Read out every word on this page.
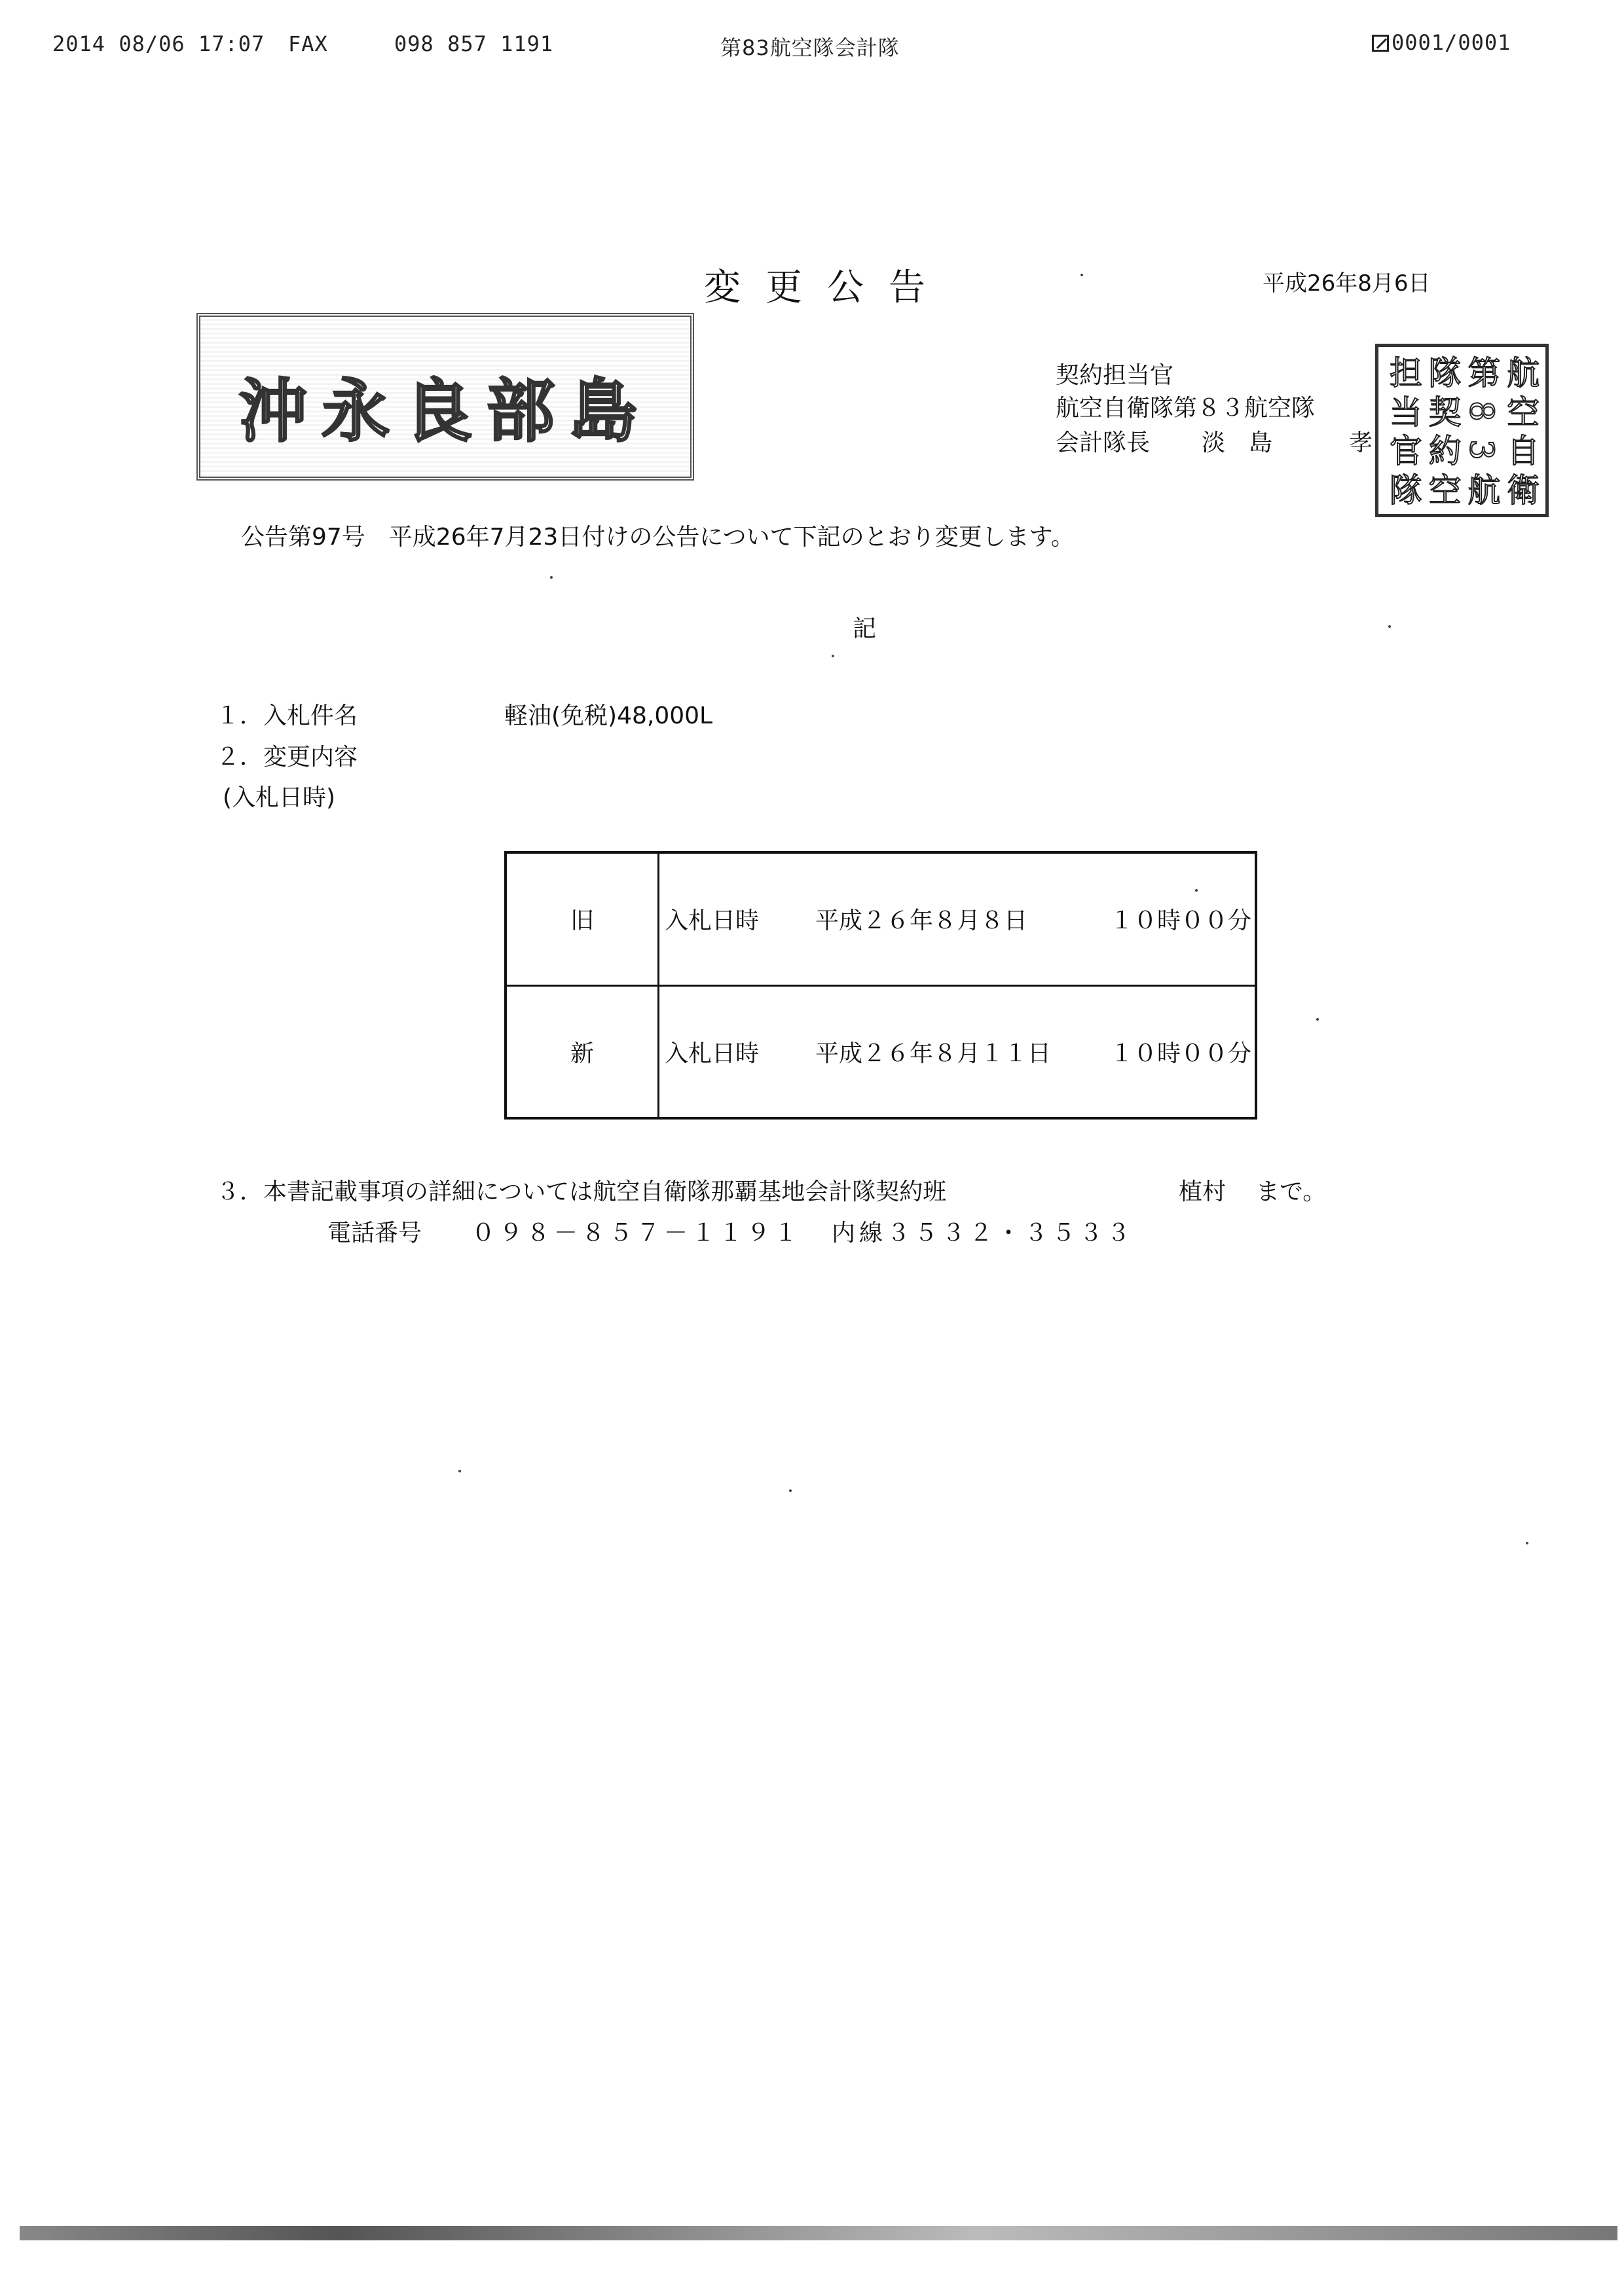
2014 08/06 17:07 FAX	098 857 1191	第83航空隊会計隊	0001/0001
変更公告	平成26年8月6日
沖永良部島	契約担当官
航空自衛隊第８３航空隊
会計隊長 淡　島	孝
航
空
自
衛
第
8
3
航
隊
契
約
空
担
当
官
隊
公告第97号　平成26年7月23日付けの公告について下記のとおり変更します。
記
１．入札件名	軽油(免税)48,000L
２．変更内容
(入札日時)
旧	入札日時 平成２６年８月８日 １０時００分
新	入札日時 平成２６年８月１１日 １０時００分
３．本書記載事項の詳細については航空自衛隊那覇基地会計隊契約班	植村 まで。
電話番号 ０９８－８５７－１１９１ 内線３５３２・３５３３
